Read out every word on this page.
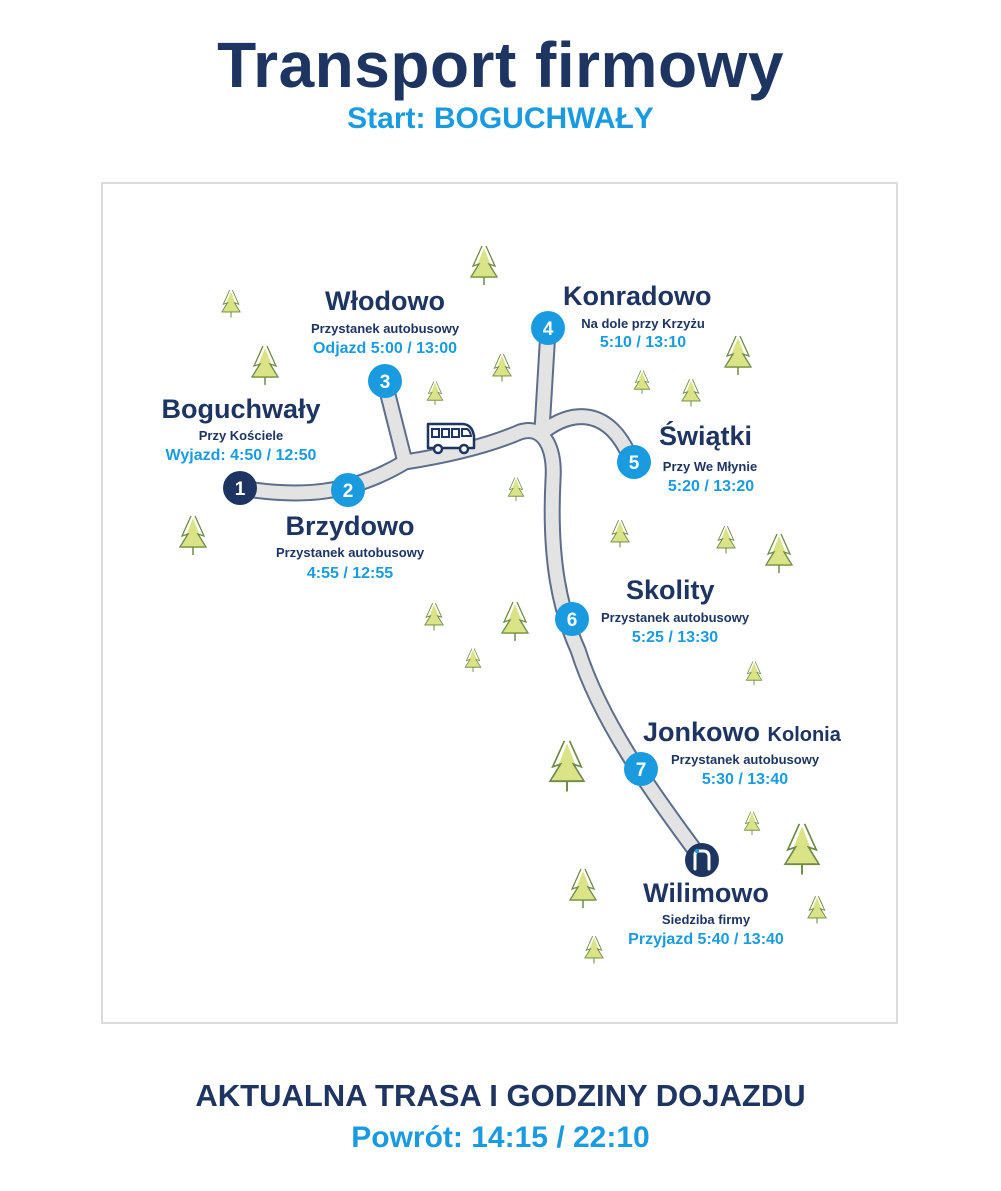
Transport firmowy
Start: BOGUCHWAŁY
1	2
3
4
5
6
7
Boguchwały
Przy Kościele
Wyjazd: 4:50 / 12:50
Brzydowo
Przystanek autobusowy
4:55 / 12:55
Włodowo
Przystanek autobusowy
Odjazd 5:00 / 13:00
Konradowo
Na dole przy Krzyżu
5:10 / 13:10
Świątki
Przy We Młynie
5:20 / 13:20
Skolity
Przystanek autobusowy
5:25 / 13:30
Jonkowo Kolonia
Przystanek autobusowy
5:30 / 13:40
Wilimowo
Siedziba firmy
Przyjazd 5:40 / 13:40
AKTUALNA TRASA I GODZINY DOJAZDU
Powrót: 14:15 / 22:10
